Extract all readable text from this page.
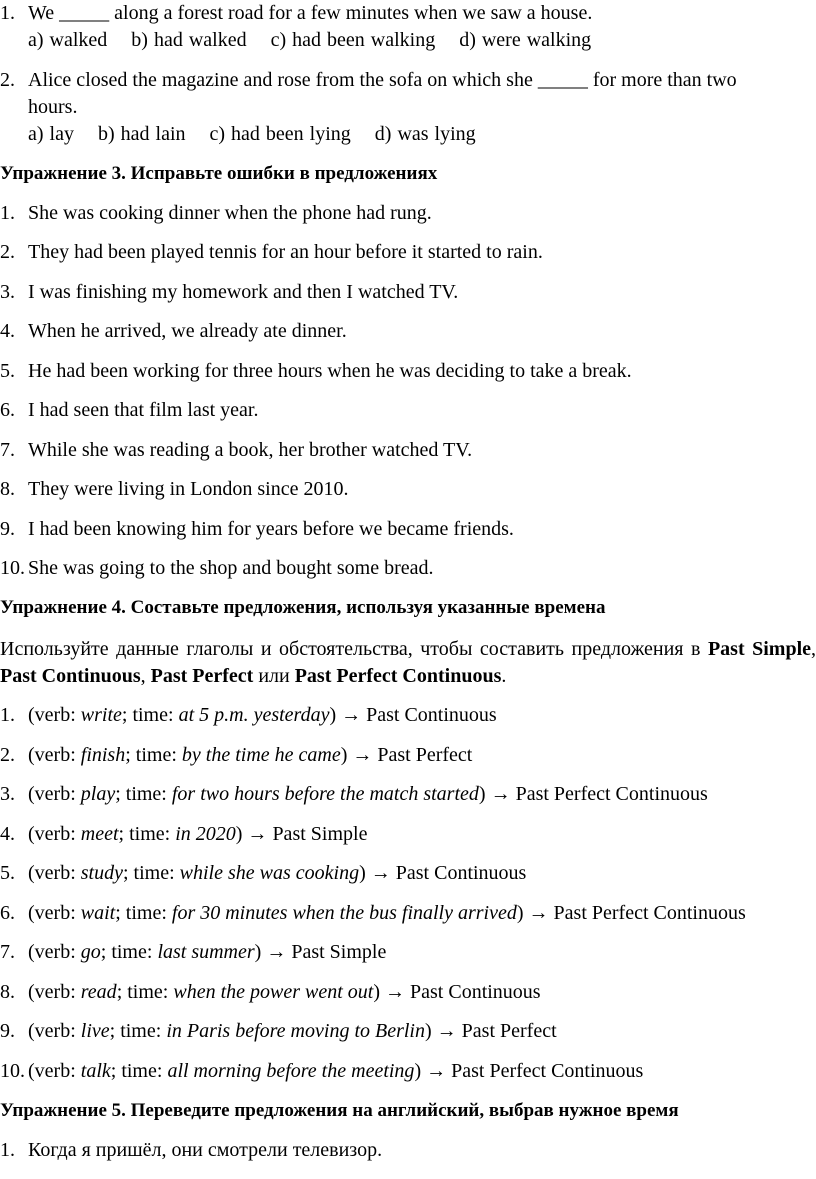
1. We _____ along a forest road for a few minutes when we saw a house.
a) walked b) had walked c) had been walking d) were walking
2. Alice closed the magazine and rose from the sofa on which she _____ for more than two
hours.
a) lay b) had lain c) had been lying d) was lying
Упражнение 3. Исправьте ошибки в предложениях
1. She was cooking dinner when the phone had rung.
2. They had been played tennis for an hour before it started to rain.
3. I was finishing my homework and then I watched TV.
4. When he arrived, we already ate dinner.
5. He had been working for three hours when he was deciding to take a break.
6. I had seen that film last year.
7. While she was reading a book, her brother watched TV.
8. They were living in London since 2010.
9. I had been knowing him for years before we became friends.
10. She was going to the shop and bought some bread.
Упражнение 4. Составьте предложения, используя указанные времена
Используйте данные глаголы и обстоятельства, чтобы составить предложения в Past Simple, Past Continuous, Past Perfect или Past Perfect Continuous.
1. (verb: write; time: at 5 p.m. yesterday) → Past Continuous
2. (verb: finish; time: by the time he came) → Past Perfect
3. (verb: play; time: for two hours before the match started) → Past Perfect Continuous
4. (verb: meet; time: in 2020) → Past Simple
5. (verb: study; time: while she was cooking) → Past Continuous
6. (verb: wait; time: for 30 minutes when the bus finally arrived) → Past Perfect Continuous
7. (verb: go; time: last summer) → Past Simple
8. (verb: read; time: when the power went out) → Past Continuous
9. (verb: live; time: in Paris before moving to Berlin) → Past Perfect
10. (verb: talk; time: all morning before the meeting) → Past Perfect Continuous
Упражнение 5. Переведите предложения на английский, выбрав нужное время
1. Когда я пришёл, они смотрели телевизор.
